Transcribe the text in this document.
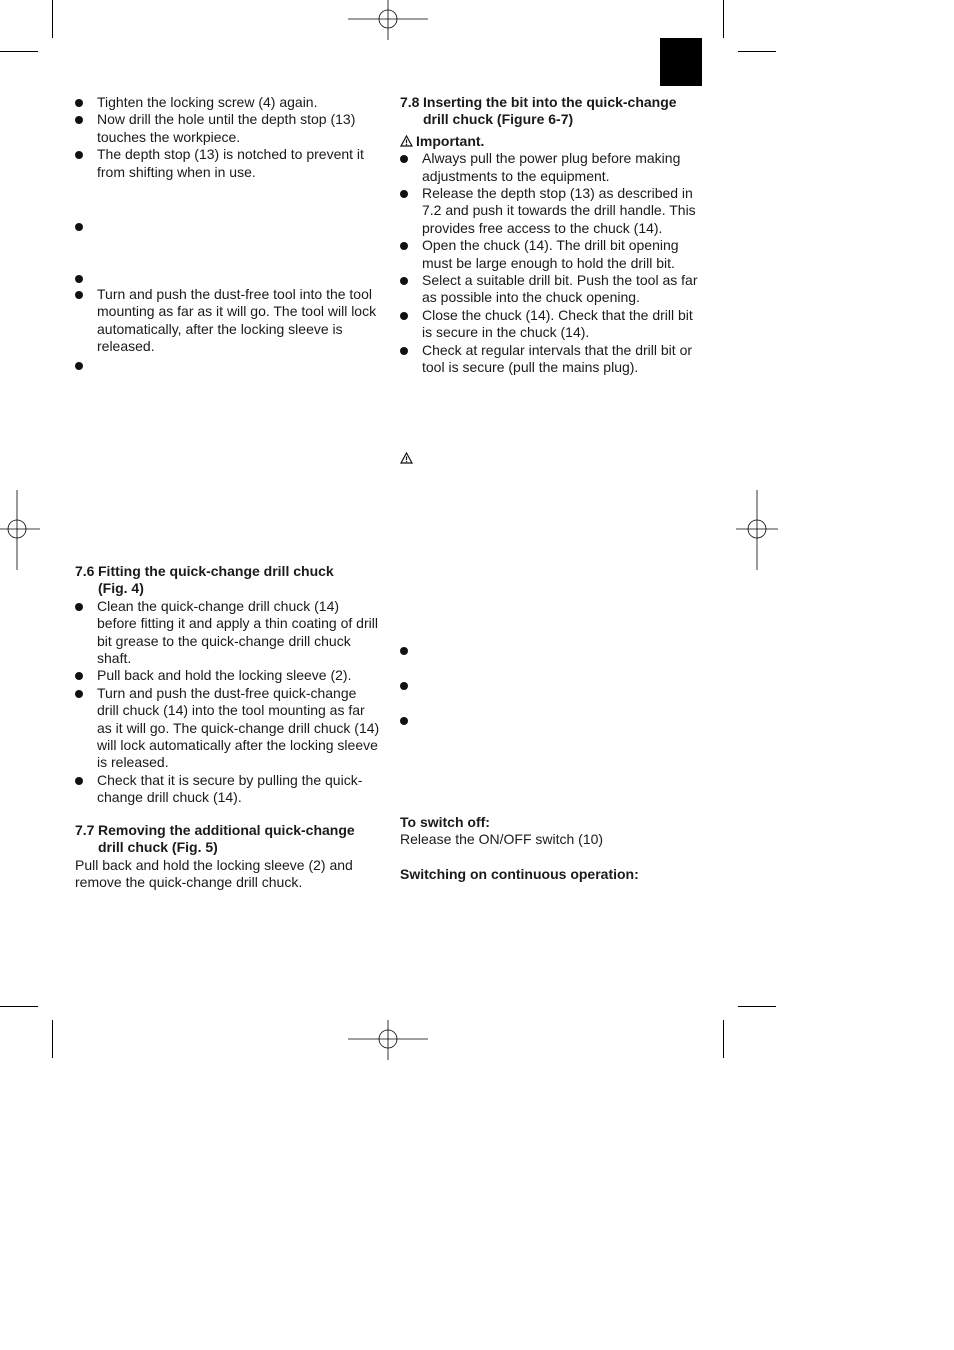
Tighten the locking screw (4) again.
Now drill the hole until the depth stop (13) touches the workpiece.
The depth stop (13) is notched to prevent it from shifting when in use.
Turn and push the dust-free tool into the tool mounting as far as it will go. The tool will lock automatically, after the locking sleeve is released.
7.6 Fitting the quick-change drill chuck
(Fig. 4)
Clean the quick-change drill chuck (14) before fitting it and apply a thin coating of drill bit grease to the quick-change drill chuck shaft.
Pull back and hold the locking sleeve (2).
Turn and push the dust-free quick-change drill chuck (14) into the tool mounting as far as it will go. The quick-change drill chuck (14) will lock automatically after the locking sleeve is released.
Check that it is secure by pulling the quick-change drill chuck (14).
7.7 Removing the additional quick-change
drill chuck (Fig. 5)
Pull back and hold the locking sleeve (2) and remove the quick-change drill chuck.
7.8 Inserting the bit into the quick-change
drill chuck (Figure 6-7)
Important.
Always pull the power plug before making adjustments to the equipment.
Release the depth stop (13) as described in 7.2 and push it towards the drill handle. This provides free access to the chuck (14).
Open the chuck (14). The drill bit opening must be large enough to hold the drill bit.
Select a suitable drill bit. Push the tool as far as possible into the chuck opening.
Close the chuck (14). Check that the drill bit is secure in the chuck (14).
Check at regular intervals that the drill bit or tool is secure (pull the mains plug).
To switch off:
Release the ON/OFF switch (10)
Switching on continuous operation:
